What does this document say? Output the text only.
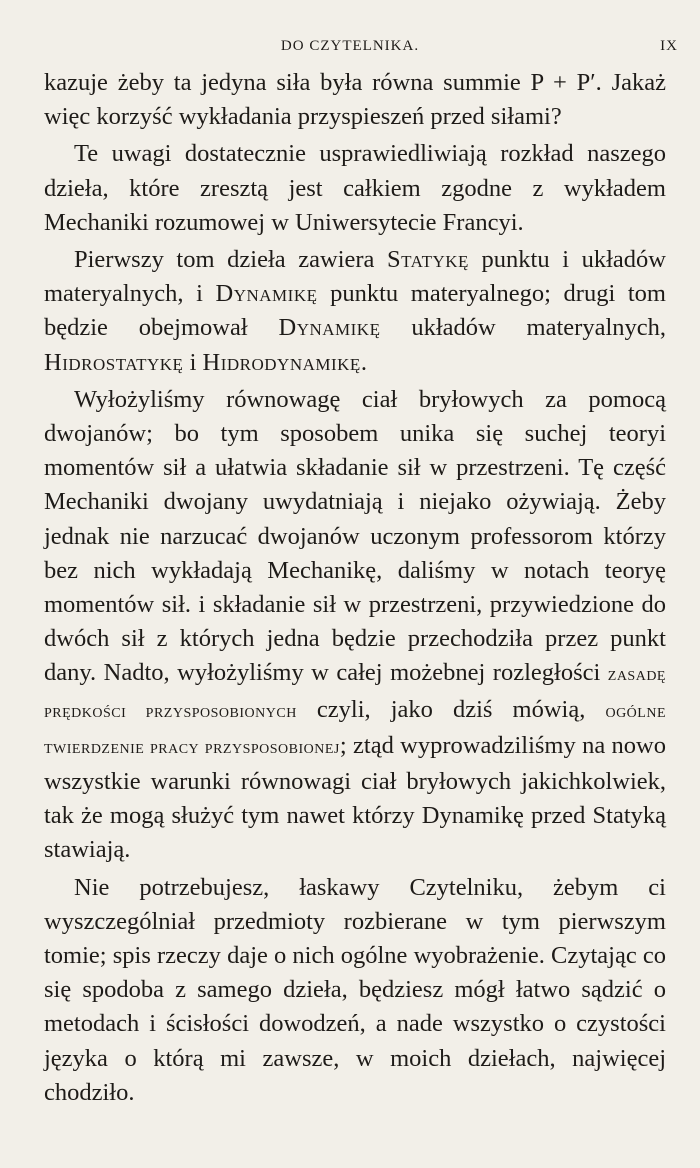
DO CZYTELNIKA.	IX

kazuje żeby ta jedyna siła była równa summie P + P′. Jakaż więc korzyść wykładania przyspieszeń przed siłami?

Te uwagi dostatecznie usprawiedliwiają rozkład naszego dzieła, które zresztą jest całkiem zgodne z wykładem Mechaniki rozumowej w Uniwersytecie Francyi.

Pierwszy tom dzieła zawiera Statykę punktu i układów materyalnych, i Dynamikę punktu materyalnego; drugi tom będzie obejmował Dynamikę układów materyalnych, Hidrostatykę i Hidrodynamikę.

Wyłożyliśmy równowagę ciał bryłowych za pomocą dwojanów; bo tym sposobem unika się suchej teoryi momentów sił a ułatwia składanie sił w przestrzeni. Tę część Mechaniki dwojany uwydatniają i niejako ożywiają. Żeby jednak nie narzucać dwojanów uczonym professorom którzy bez nich wykładają Mechanikę, daliśmy w notach teoryę momentów sił. i składanie sił w przestrzeni, przywiedzione do dwóch sił z których jedna będzie przechodziła przez punkt dany. Nadto, wyłożyliśmy w całej możebnej rozległości zasadę prędkości przysposobionych czyli, jako dziś mówią, ogólne twierdzenie pracy przysposobionej; ztąd wyprowadziliśmy na nowo wszystkie warunki równowagi ciał bryłowych jakichkolwiek, tak że mogą służyć tym nawet którzy Dynamikę przed Statyką stawiają.

Nie potrzebujesz, łaskawy Czytelniku, żebym ci wyszczególniał przedmioty rozbierane w tym pierwszym tomie; spis rzeczy daje o nich ogólne wyobrażenie. Czytając co się spodoba z samego dzieła, będziesz mógł łatwo sądzić o metodach i ścisłości dowodzeń, a nade wszystko o czystości języka o którą mi zawsze, w moich dziełach, najwięcej chodziło.
